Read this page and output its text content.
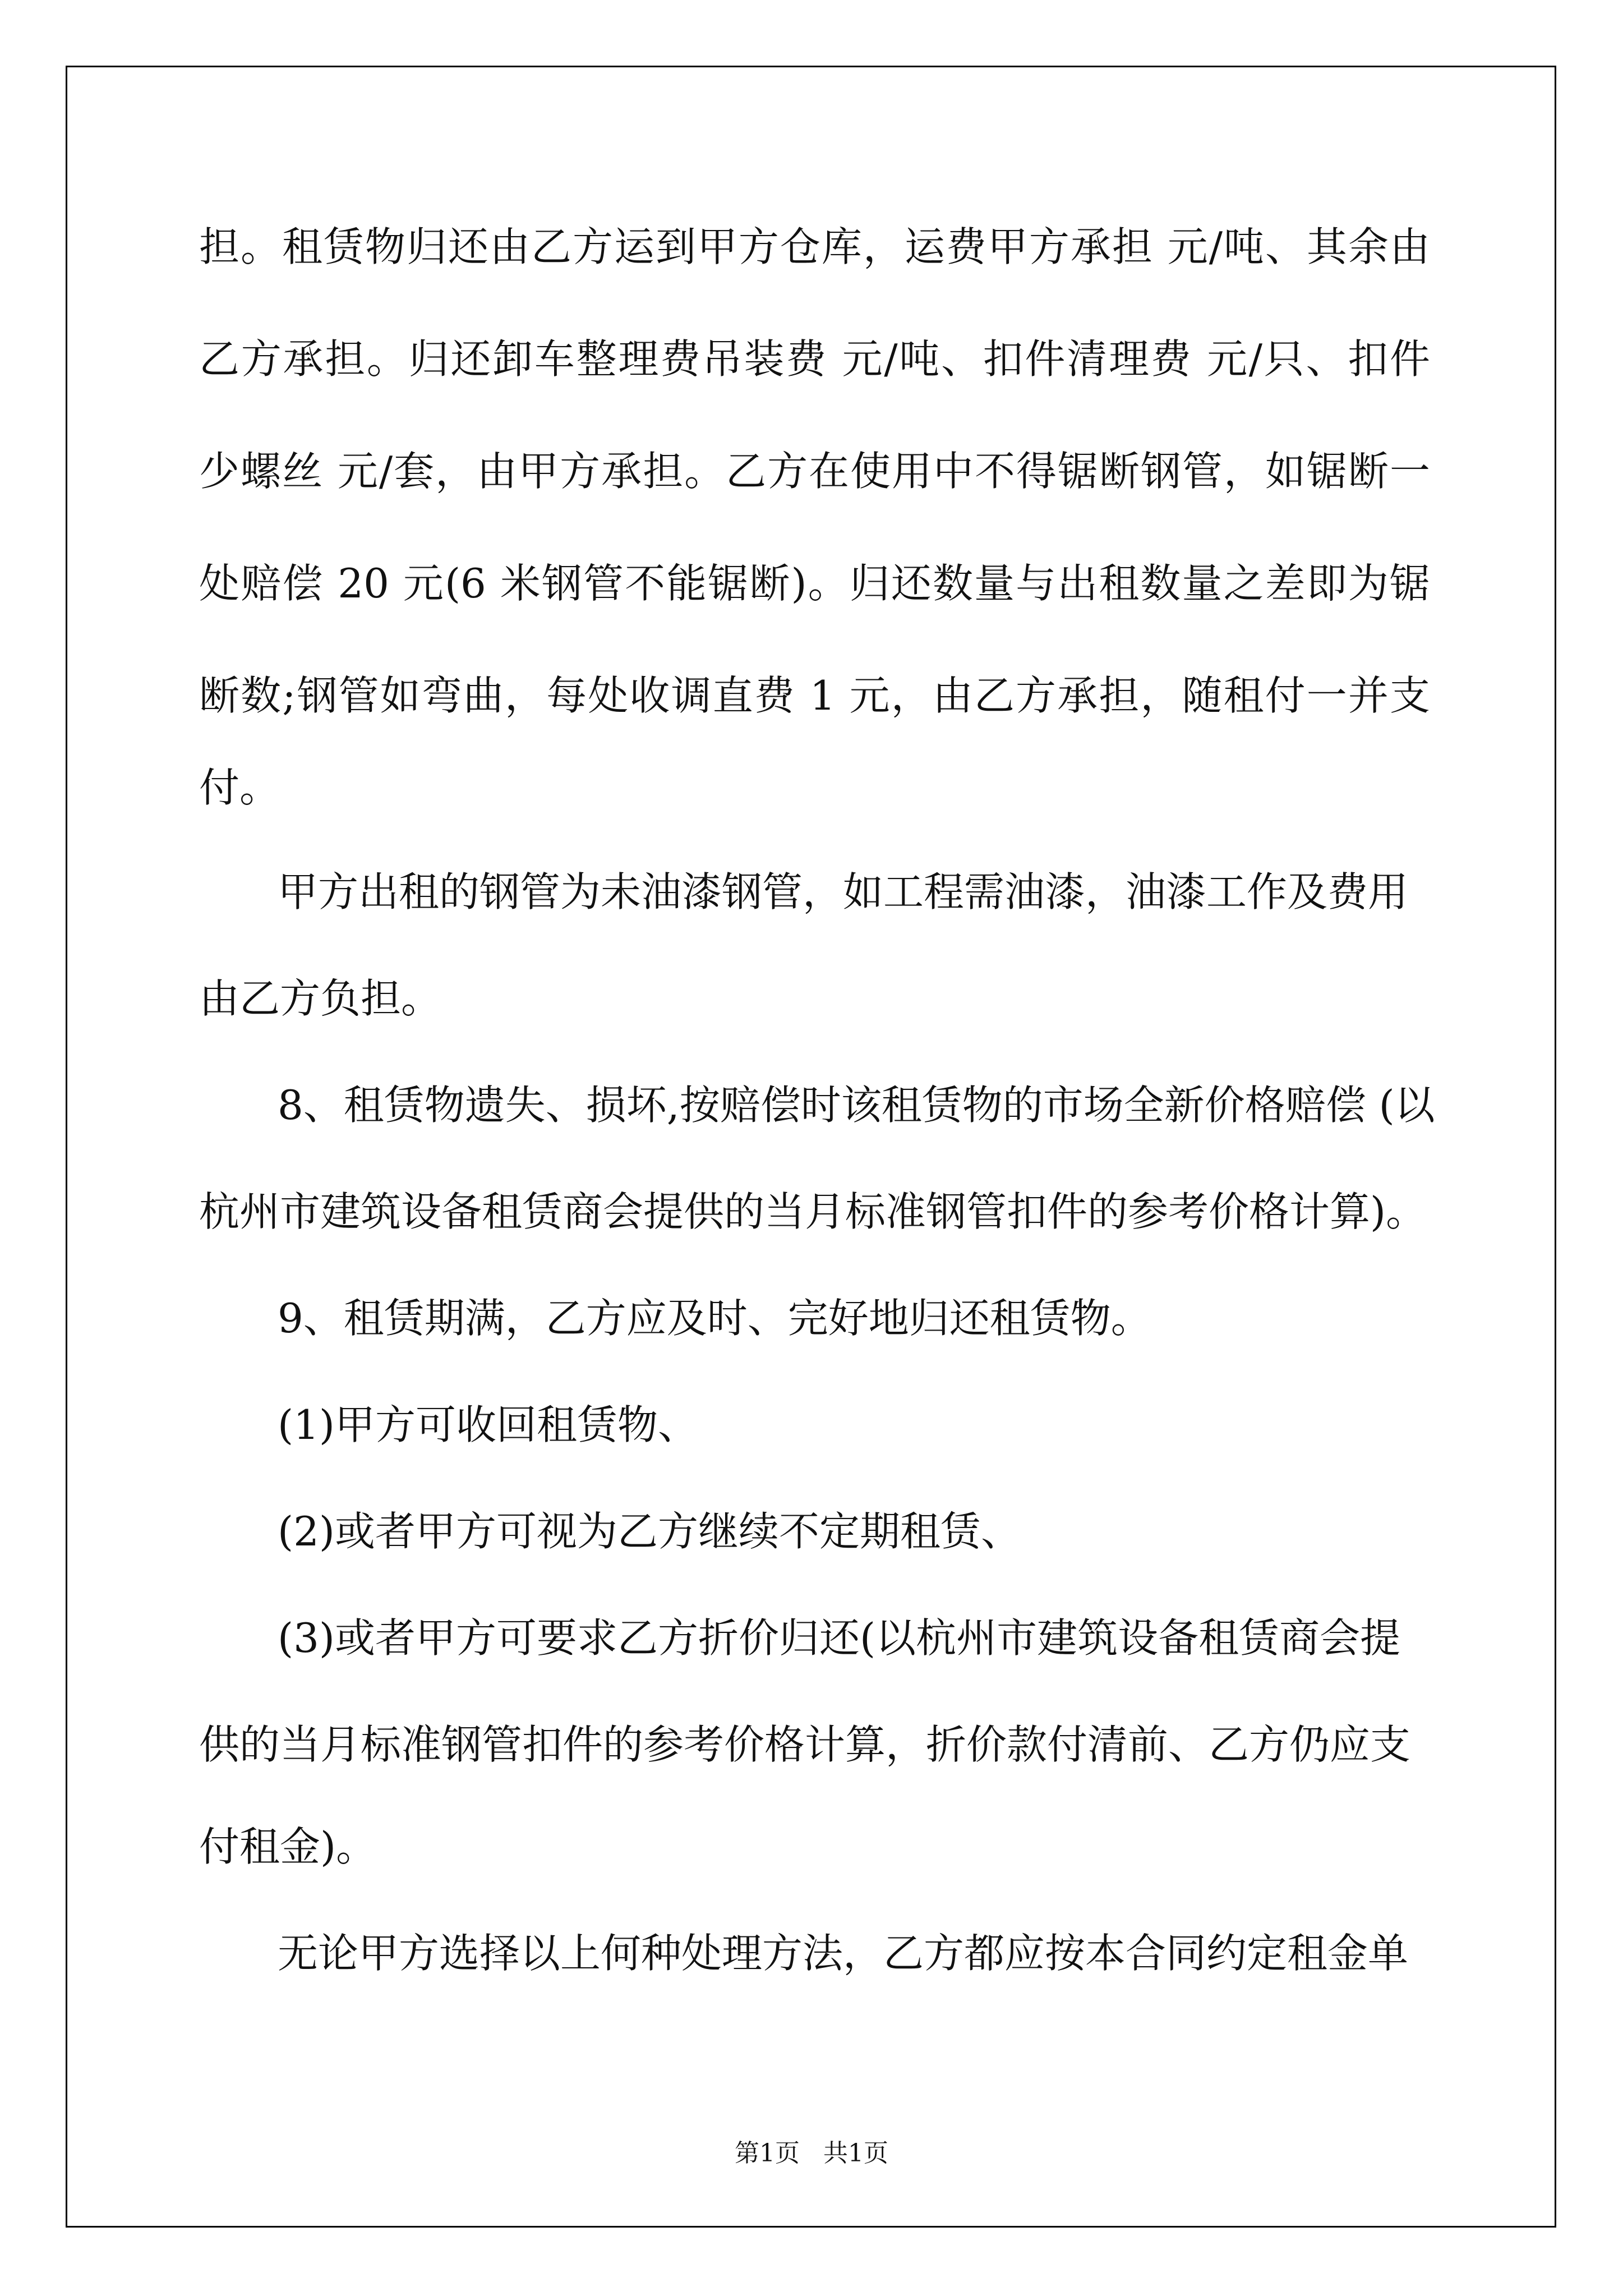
担。租赁物归还由乙方运到甲方仓库，运费甲方承担 元/吨、其余由
乙方承担。归还卸车整理费吊装费 元/吨、扣件清理费 元/只、扣件
少螺丝 元/套，由甲方承担。乙方在使用中不得锯断钢管，如锯断一
处赔偿 20 元(6 米钢管不能锯断)。归还数量与出租数量之差即为锯
断数;钢管如弯曲，每处收调直费 1 元，由乙方承担，随租付一并支
付。
甲方出租的钢管为未油漆钢管，如工程需油漆，油漆工作及费用
由乙方负担。
8、租赁物遗失、损坏,按赔偿时该租赁物的市场全新价格赔偿 (以
杭州市建筑设备租赁商会提供的当月标准钢管扣件的参考价格计算)。
9、租赁期满，乙方应及时、完好地归还租赁物。
(1)甲方可收回租赁物、
(2)或者甲方可视为乙方继续不定期租赁、
(3)或者甲方可要求乙方折价归还(以杭州市建筑设备租赁商会提
供的当月标准钢管扣件的参考价格计算，折价款付清前、乙方仍应支
付租金)。
无论甲方选择以上何种处理方法，乙方都应按本合同约定租金单
第1页   共1页
